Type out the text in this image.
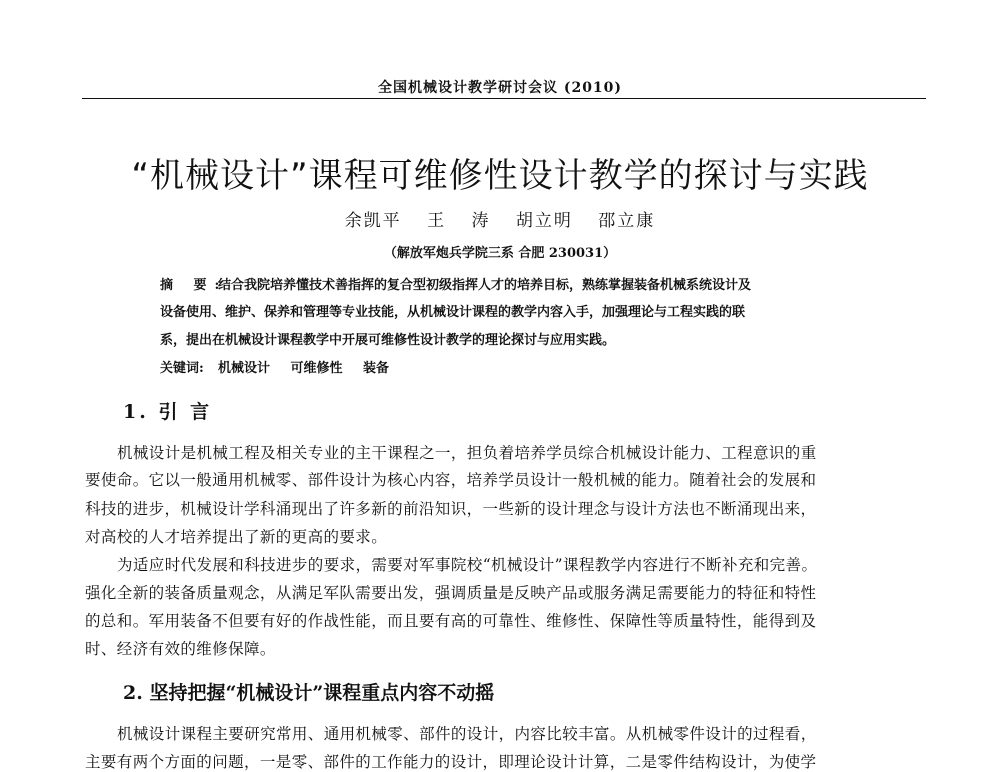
全国机械设计教学研讨会议 (2010)
“机械设计”课程可维修性设计教学的探讨与实践
余凯平 王 涛 胡立明 邵立康
（解放军炮兵学院三系 合肥 230031）
摘 要:
结合我院培养懂技术善指挥的复合型初级指挥人才的培养目标，熟练掌握装备机械系统设计及
设备使用、维护、保养和管理等专业技能，从机械设计课程的教学内容入手，加强理论与工程实践的联
系，提出在机械设计课程教学中开展可维修性设计教学的理论探讨与应用实践。
关键词: 机械设计 可维修性 装备
1. 引 言
机械设计是机械工程及相关专业的主干课程之一，担负着培养学员综合机械设计能力、工程意识的重
要使命。它以一般通用机械零、部件设计为核心内容，培养学员设计一般机械的能力。随着社会的发展和
科技的进步，机械设计学科涌现出了许多新的前沿知识，一些新的设计理念与设计方法也不断涌现出来，
对高校的人才培养提出了新的更高的要求。
为适应时代发展和科技进步的要求，需要对军事院校“机械设计”课程教学内容进行不断补充和完善。
强化全新的装备质量观念，从满足军队需要出发，强调质量是反映产品或服务满足需要能力的特征和特性
的总和。军用装备不但要有好的作战性能，而且要有高的可靠性、维修性、保障性等质量特性，能得到及
时、经济有效的维修保障。
2. 坚持把握“机械设计”课程重点内容不动摇
机械设计课程主要研究常用、通用机械零、部件的设计，内容比较丰富。从机械零件设计的过程看，
主要有两个方面的问题，一是零、部件的工作能力的设计，即理论设计计算，二是零件结构设计，为使学
